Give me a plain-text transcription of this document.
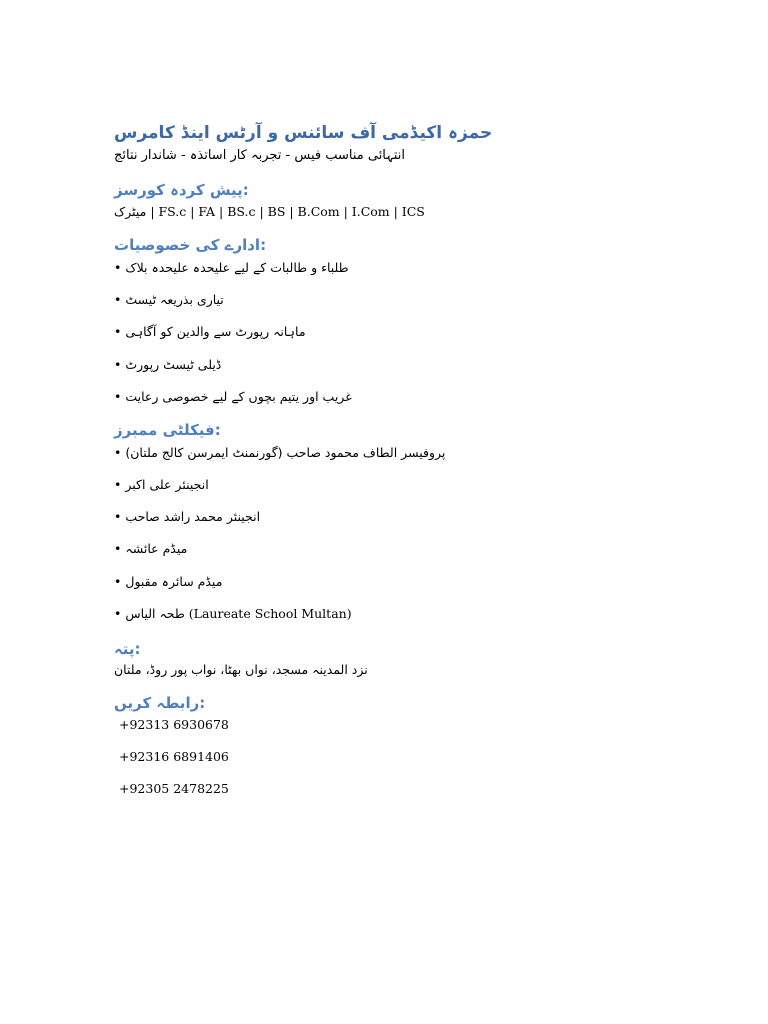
حمزہ اکیڈمی آف سائنس و آرٹس اینڈ کامرس
انتہائی مناسب فیس - تجربہ کار اساتذہ - شاندار نتائج
پیش کردہ کورسز:
میٹرک | FS.c | FA | BS.c | BS | B.Com | I.Com | ICS
ادارے کی خصوصیات:
• طلباء و طالبات کے لیے علیحدہ علیحدہ بلاک
• تیاری بذریعہ ٹیسٹ
• ماہانہ رپورٹ سے والدین کو آگاہی
• ڈیلی ٹیسٹ رپورٹ
• غریب اور یتیم بچوں کے لیے خصوصی رعایت
فیکلٹی ممبرز:
• پروفیسر الطاف محمود صاحب (گورنمنٹ ایمرسن کالج ملتان)
• انجینئر علی اکبر
• انجینئر محمد راشد صاحب
• میڈم عائشہ
• میڈم سائرہ مقبول
• طحہ الیاس (Laureate School Multan)
پتہ:
نزد المدینہ مسجد، نواں بھٹا، نواب پور روڈ، ملتان
رابطہ کریں:
+92313 6930678
+92316 6891406
+92305 2478225
